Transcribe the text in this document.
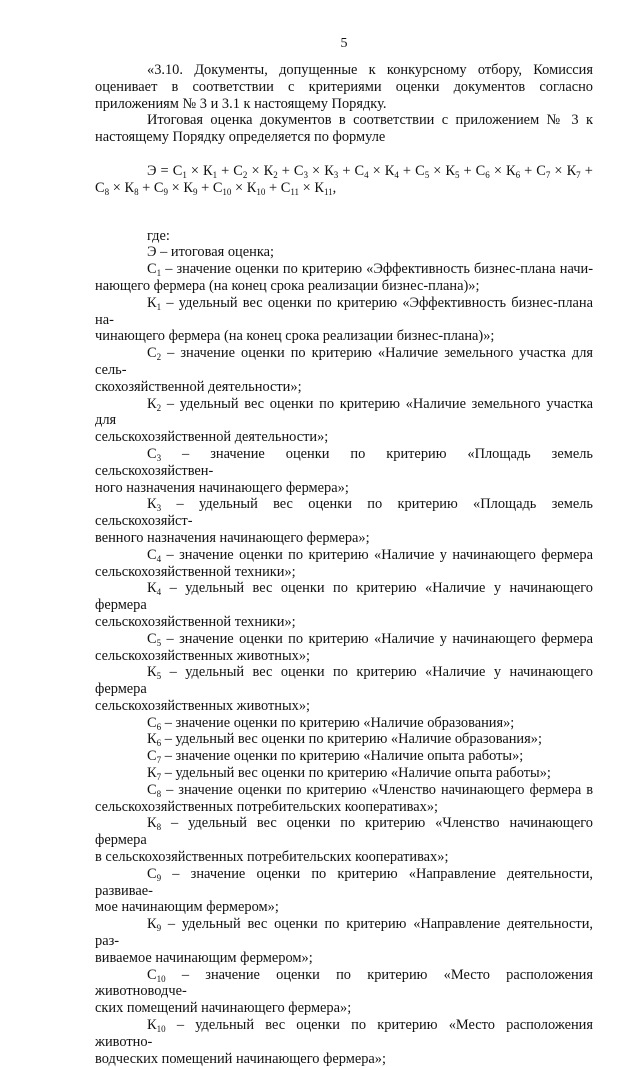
5

«3.10. Документы, допущенные к конкурсному отбору, Комиссия оценивает в соответствии с критериями оценки документов согласно приложениям № 3 и 3.1 к настоящему Порядку.

Итоговая оценка документов в соответствии с приложением № 3 к настоящему Порядку определяется по формуле

$Э = С_1 \times К_1 + С_2 \times К_2 + С_3 \times К_3 + С_4 \times К_4 + С_5 \times К_5 + С_6 \times К_6 + С_7 \times К_7 + С_8 \times К_8 + С_9 \times К_9 + С_{10} \times К_{10} + С_{11} \times К_{11}$,

где:

Э – итоговая оценка;

$С_1$ – значение оценки по критерию «Эффективность бизнес-плана начи-
нающего фермера (на конец срока реализации бизнес-плана)»;
$К_1$ – удельный вес оценки по критерию «Эффективность бизнес-плана на-
чинающего фермера (на конец срока реализации бизнес-плана)»;
$С_2$ – значение оценки по критерию «Наличие земельного участка для сель-
скохозяйственной деятельности»;
$К_2$ – удельный вес оценки по критерию «Наличие земельного участка для
сельскохозяйственной деятельности»;
$С_3$ – значение оценки по критерию «Площадь земель сельскохозяйствен-
ного назначения начинающего фермера»;
$К_3$ – удельный вес оценки по критерию «Площадь земель сельскохозяйст-
венного назначения начинающего фермера»;
$С_4$ – значение оценки по критерию «Наличие у начинающего фермера
сельскохозяйственной техники»;
$К_4$ – удельный вес оценки по критерию «Наличие у начинающего фермера
сельскохозяйственной техники»;
$С_5$ – значение оценки по критерию «Наличие у начинающего фермера
сельскохозяйственных животных»;
$К_5$ – удельный вес оценки по критерию «Наличие у начинающего фермера
сельскохозяйственных животных»;
$С_6$ – значение оценки по критерию «Наличие образования»;
$К_6$ – удельный вес оценки по критерию «Наличие образования»;
$С_7$ – значение оценки по критерию «Наличие опыта работы»;
$К_7$ – удельный вес оценки по критерию «Наличие опыта работы»;
$С_8$ – значение оценки по критерию «Членство начинающего фермера в
сельскохозяйственных потребительских кооперативах»;
$К_8$ – удельный вес оценки по критерию «Членство начинающего фермера
в сельскохозяйственных потребительских кооперативах»;
$С_9$ – значение оценки по критерию «Направление деятельности, развивае-
мое начинающим фермером»;
$К_9$ – удельный вес оценки по критерию «Направление деятельности, раз-
виваемое начинающим фермером»;
$С_{10}$ – значение оценки по критерию «Место расположения животноводче-
ских помещений начинающего фермера»;
$К_{10}$ – удельный вес оценки по критерию «Место расположения животно-
водческих помещений начинающего фермера»;
